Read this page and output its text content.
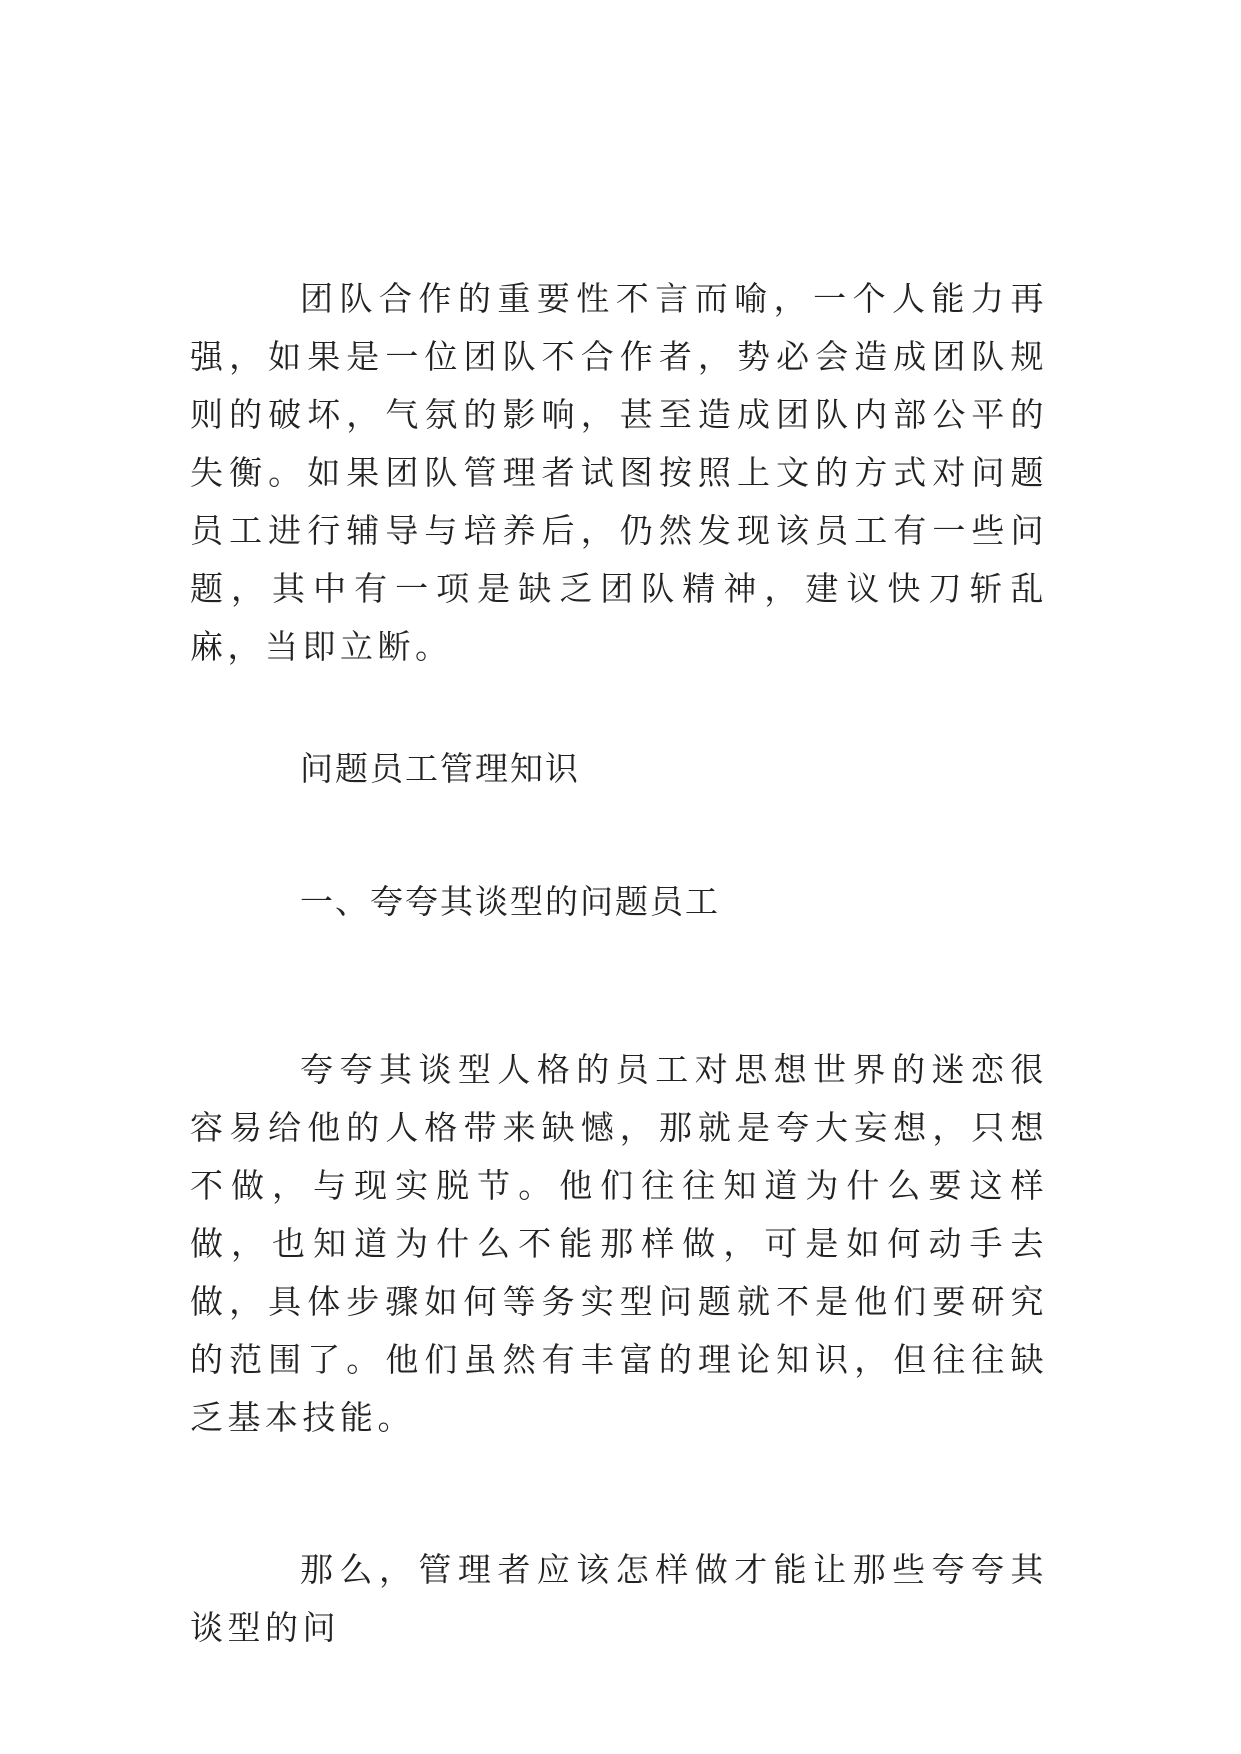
团队合作的重要性不言而喻，一个人能力再强，如果是一位团队不合作者，势必会造成团队规则的破坏，气氛的影响，甚至造成团队内部公平的失衡。如果团队管理者试图按照上文的方式对问题员工进行辅导与培养后，仍然发现该员工有一些问题，其中有一项是缺乏团队精神，建议快刀斩乱麻，当即立断。

问题员工管理知识

一、夸夸其谈型的问题员工

夸夸其谈型人格的员工对思想世界的迷恋很容易给他的人格带来缺憾，那就是夸大妄想，只想不做，与现实脱节。他们往往知道为什么要这样做，也知道为什么不能那样做，可是如何动手去做，具体步骤如何等务实型问题就不是他们要研究的范围了。他们虽然有丰富的理论知识，但往往缺乏基本技能。

那么，管理者应该怎样做才能让那些夸夸其谈型的问
